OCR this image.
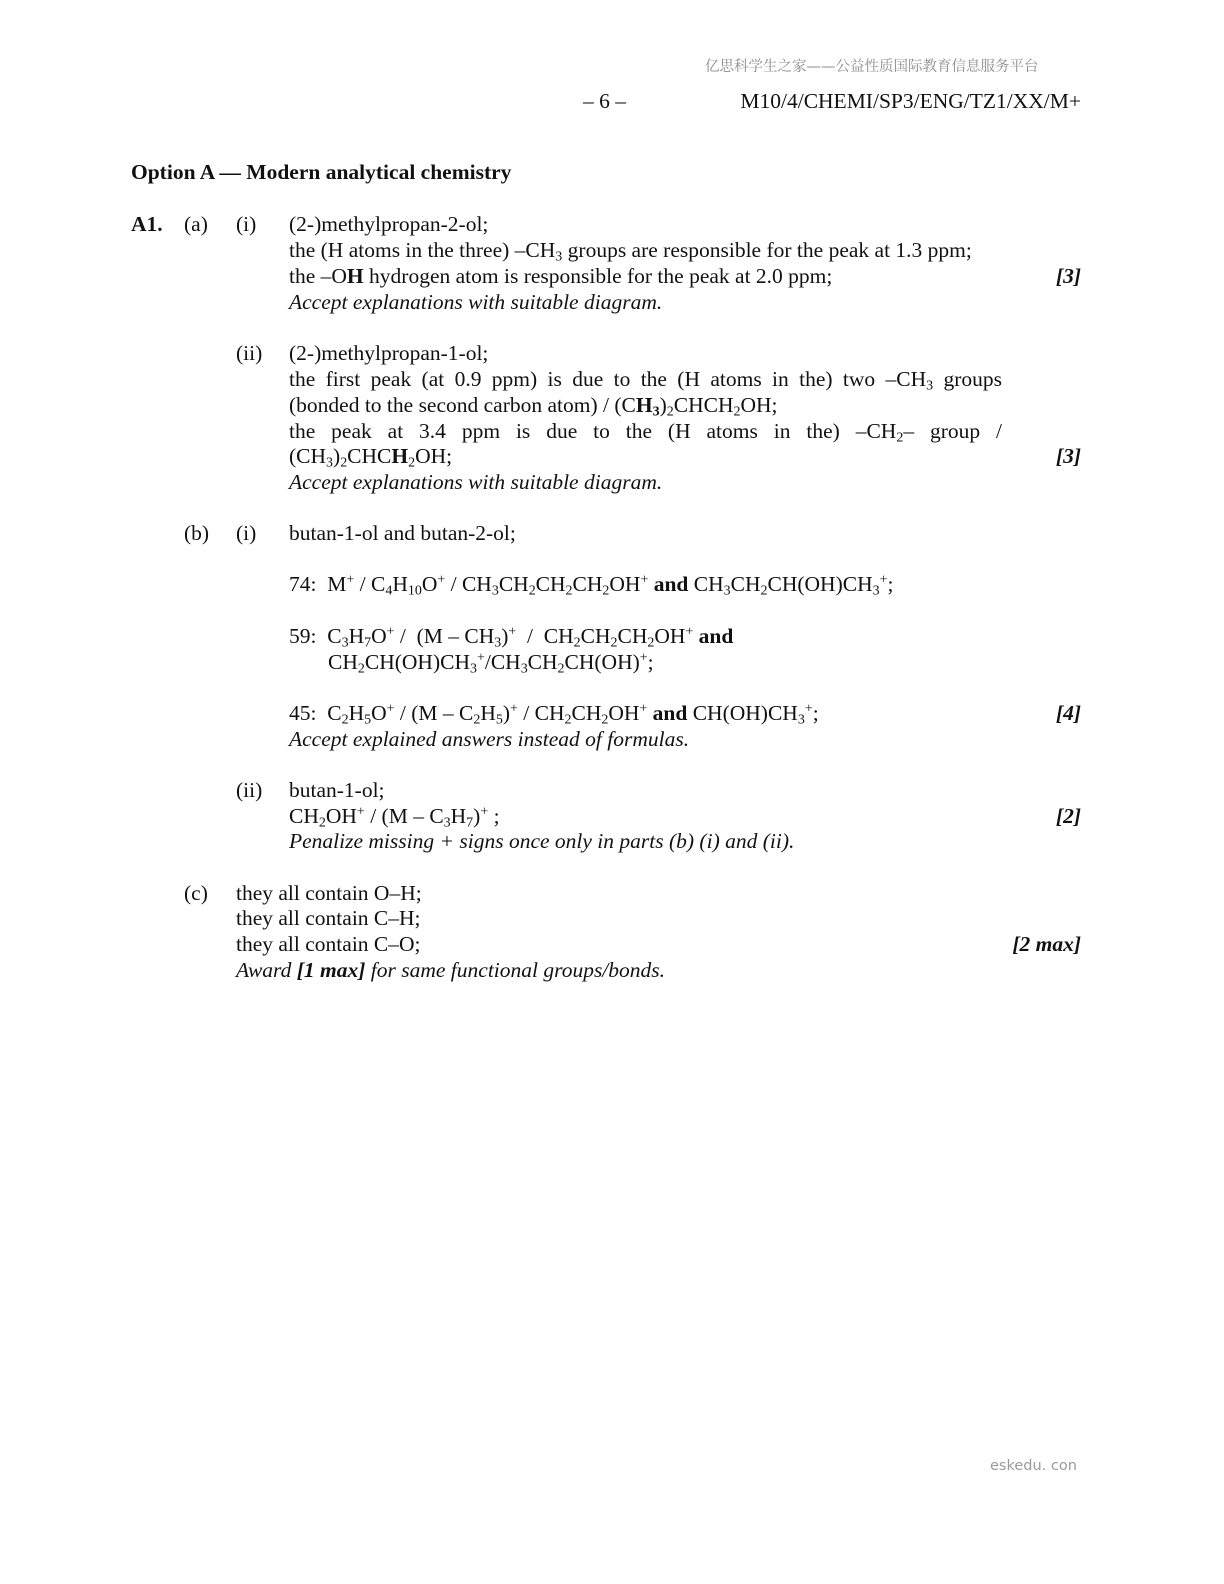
亿思科学生之家——公益性质国际教育信息服务平台
– 6 –	M10/4/CHEMI/SP3/ENG/TZ1/XX/M+
Option A — Modern analytical chemistry
A1. (a) (i) (2-)methylpropan-2-ol;
the (H atoms in the three) $-CH_3$ groups are responsible for the peak at 1.3 ppm;
the –OH hydrogen atom is responsible for the peak at 2.0 ppm;	[3]
Accept explanations with suitable diagram.
(ii) (2-)methylpropan-1-ol;
the first peak (at 0.9 ppm) is due to the (H atoms in the) two $-CH_3$ groups
(bonded to the second carbon atom) / $(CH_3)_2CHCH_2OH$;
the peak at 3.4 ppm is due to the (H atoms in the) $-CH_2-$ group /
$(CH_3)_2CHCH_2OH$;	[3]
Accept explanations with suitable diagram.
(b) (i) butan-1-ol and butan-2-ol;
74:  $M^+ / C_4H_{10}O^+ / CH_3CH_2CH_2CH_2OH^+$ and $CH_3CH_2CH(OH)CH_3^+$;
59:  $C_3H_7O^+ / (M - CH_3)^+ / CH_2CH_2CH_2OH^+$ and
$CH_2CH(OH)CH_3^+/CH_3CH_2CH(OH)^+$;
45:  $C_2H_5O^+ / (M - C_2H_5)^+ / CH_2CH_2OH^+$ and $CH(OH)CH_3^+$;	[4]
Accept explained answers instead of formulas.
(ii) butan-1-ol;
$CH_2OH^+ / (M - C_3H_7)^+$ ;	[2]
Penalize missing + signs once only in parts (b) (i) and (ii).
(c) they all contain O–H;
they all contain C–H;
they all contain C–O;	[2 max]
Award [1 max] for same functional groups/bonds.
eskedu. con
